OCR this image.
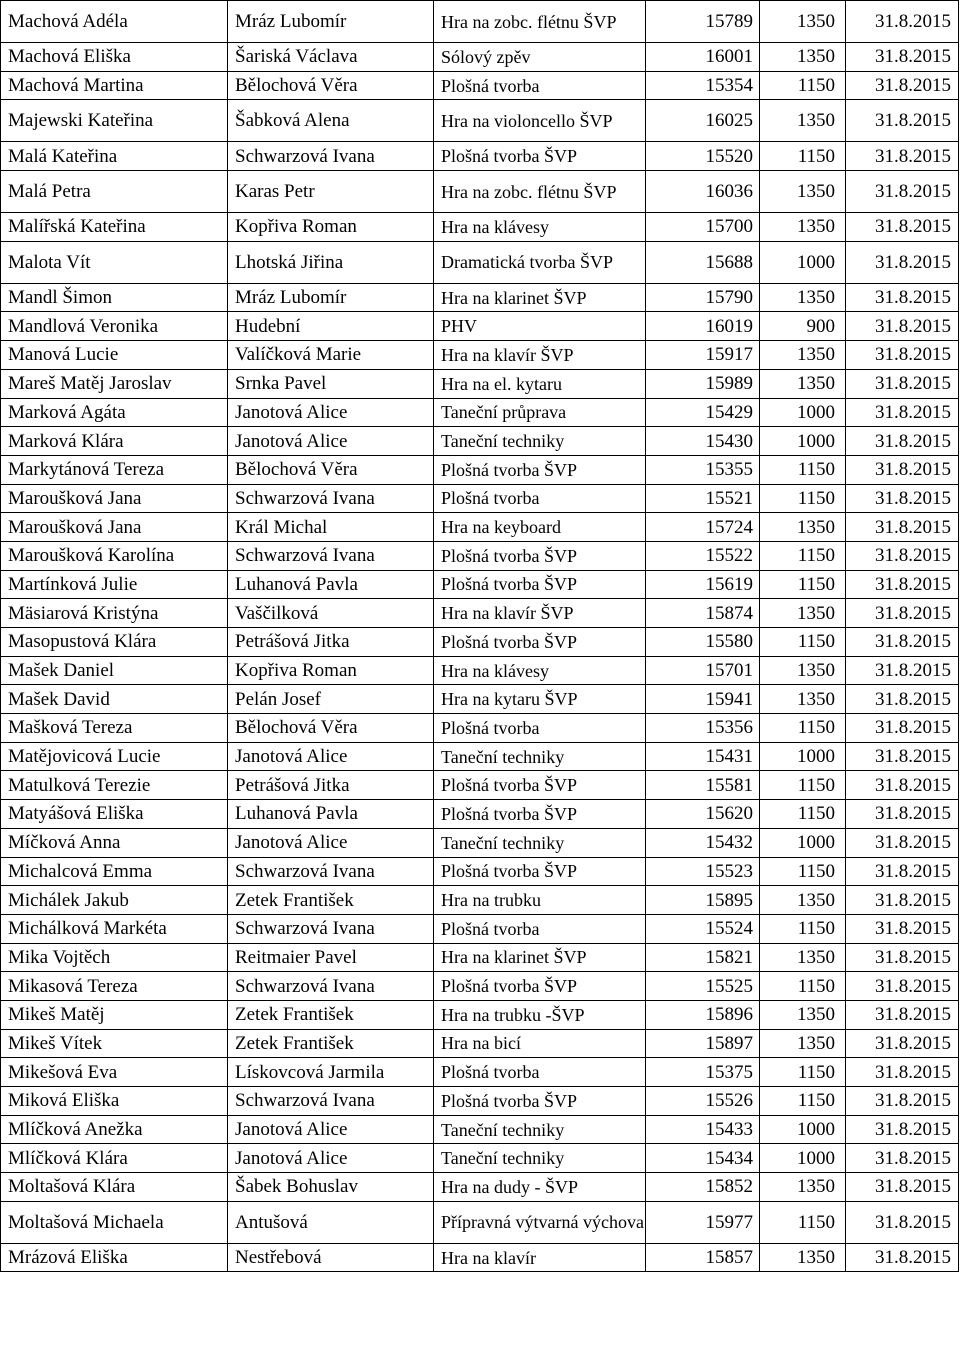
Machová Adéla	Mráz Lubomír	Hra na zobc. flétnu ŠVP	15789	1350	31.8.2015
Machová Eliška	Šariská Václava	Sólový zpěv	16001	1350	31.8.2015
Machová Martina	Bělochová Věra	Plošná tvorba	15354	1150	31.8.2015
Majewski Kateřina	Šabková Alena	Hra na violoncello ŠVP	16025	1350	31.8.2015
Malá Kateřina	Schwarzová Ivana	Plošná tvorba ŠVP	15520	1150	31.8.2015
Malá Petra	Karas Petr	Hra na zobc. flétnu ŠVP	16036	1350	31.8.2015
Malířská Kateřina	Kopřiva Roman	Hra na klávesy	15700	1350	31.8.2015
Malota Vít	Lhotská Jiřina	Dramatická tvorba ŠVP	15688	1000	31.8.2015
Mandl Šimon	Mráz Lubomír	Hra na klarinet ŠVP	15790	1350	31.8.2015
Mandlová Veronika	Hudební	PHV	16019	900	31.8.2015
Manová Lucie	Valíčková Marie	Hra na klavír ŠVP	15917	1350	31.8.2015
Mareš Matěj Jaroslav	Srnka Pavel	Hra na el. kytaru	15989	1350	31.8.2015
Marková Agáta	Janotová Alice	Taneční průprava	15429	1000	31.8.2015
Marková Klára	Janotová Alice	Taneční techniky	15430	1000	31.8.2015
Markytánová Tereza	Bělochová Věra	Plošná tvorba ŠVP	15355	1150	31.8.2015
Maroušková Jana	Schwarzová Ivana	Plošná tvorba	15521	1150	31.8.2015
Maroušková Jana	Král Michal	Hra na keyboard	15724	1350	31.8.2015
Maroušková Karolína	Schwarzová Ivana	Plošná tvorba ŠVP	15522	1150	31.8.2015
Martínková Julie	Luhanová Pavla	Plošná tvorba ŠVP	15619	1150	31.8.2015
Mäsiarová Kristýna	Vaščilková	Hra na klavír ŠVP	15874	1350	31.8.2015
Masopustová Klára	Petrášová Jitka	Plošná tvorba ŠVP	15580	1150	31.8.2015
Mašek Daniel	Kopřiva Roman	Hra na klávesy	15701	1350	31.8.2015
Mašek David	Pelán Josef	Hra na kytaru ŠVP	15941	1350	31.8.2015
Mašková Tereza	Bělochová Věra	Plošná tvorba	15356	1150	31.8.2015
Matějovicová Lucie	Janotová Alice	Taneční techniky	15431	1000	31.8.2015
Matulková Terezie	Petrášová Jitka	Plošná tvorba ŠVP	15581	1150	31.8.2015
Matyášová Eliška	Luhanová Pavla	Plošná tvorba ŠVP	15620	1150	31.8.2015
Míčková Anna	Janotová Alice	Taneční techniky	15432	1000	31.8.2015
Michalcová Emma	Schwarzová Ivana	Plošná tvorba ŠVP	15523	1150	31.8.2015
Michálek Jakub	Zetek František	Hra na trubku	15895	1350	31.8.2015
Michálková Markéta	Schwarzová Ivana	Plošná tvorba	15524	1150	31.8.2015
Mika Vojtěch	Reitmaier Pavel	Hra na klarinet ŠVP	15821	1350	31.8.2015
Mikasová Tereza	Schwarzová Ivana	Plošná tvorba ŠVP	15525	1150	31.8.2015
Mikeš Matěj	Zetek František	Hra na trubku -ŠVP	15896	1350	31.8.2015
Mikeš Vítek	Zetek František	Hra na bicí	15897	1350	31.8.2015
Mikešová Eva	Lískovcová Jarmila	Plošná tvorba	15375	1150	31.8.2015
Miková Eliška	Schwarzová Ivana	Plošná tvorba ŠVP	15526	1150	31.8.2015
Mlíčková Anežka	Janotová Alice	Taneční techniky	15433	1000	31.8.2015
Mlíčková Klára	Janotová Alice	Taneční techniky	15434	1000	31.8.2015
Moltašová Klára	Šabek Bohuslav	Hra na dudy - ŠVP	15852	1350	31.8.2015
Moltašová Michaela	Antušová	Přípravná výtvarná výchova	15977	1150	31.8.2015
Mrázová Eliška	Nestřebová	Hra na klavír	15857	1350	31.8.2015
